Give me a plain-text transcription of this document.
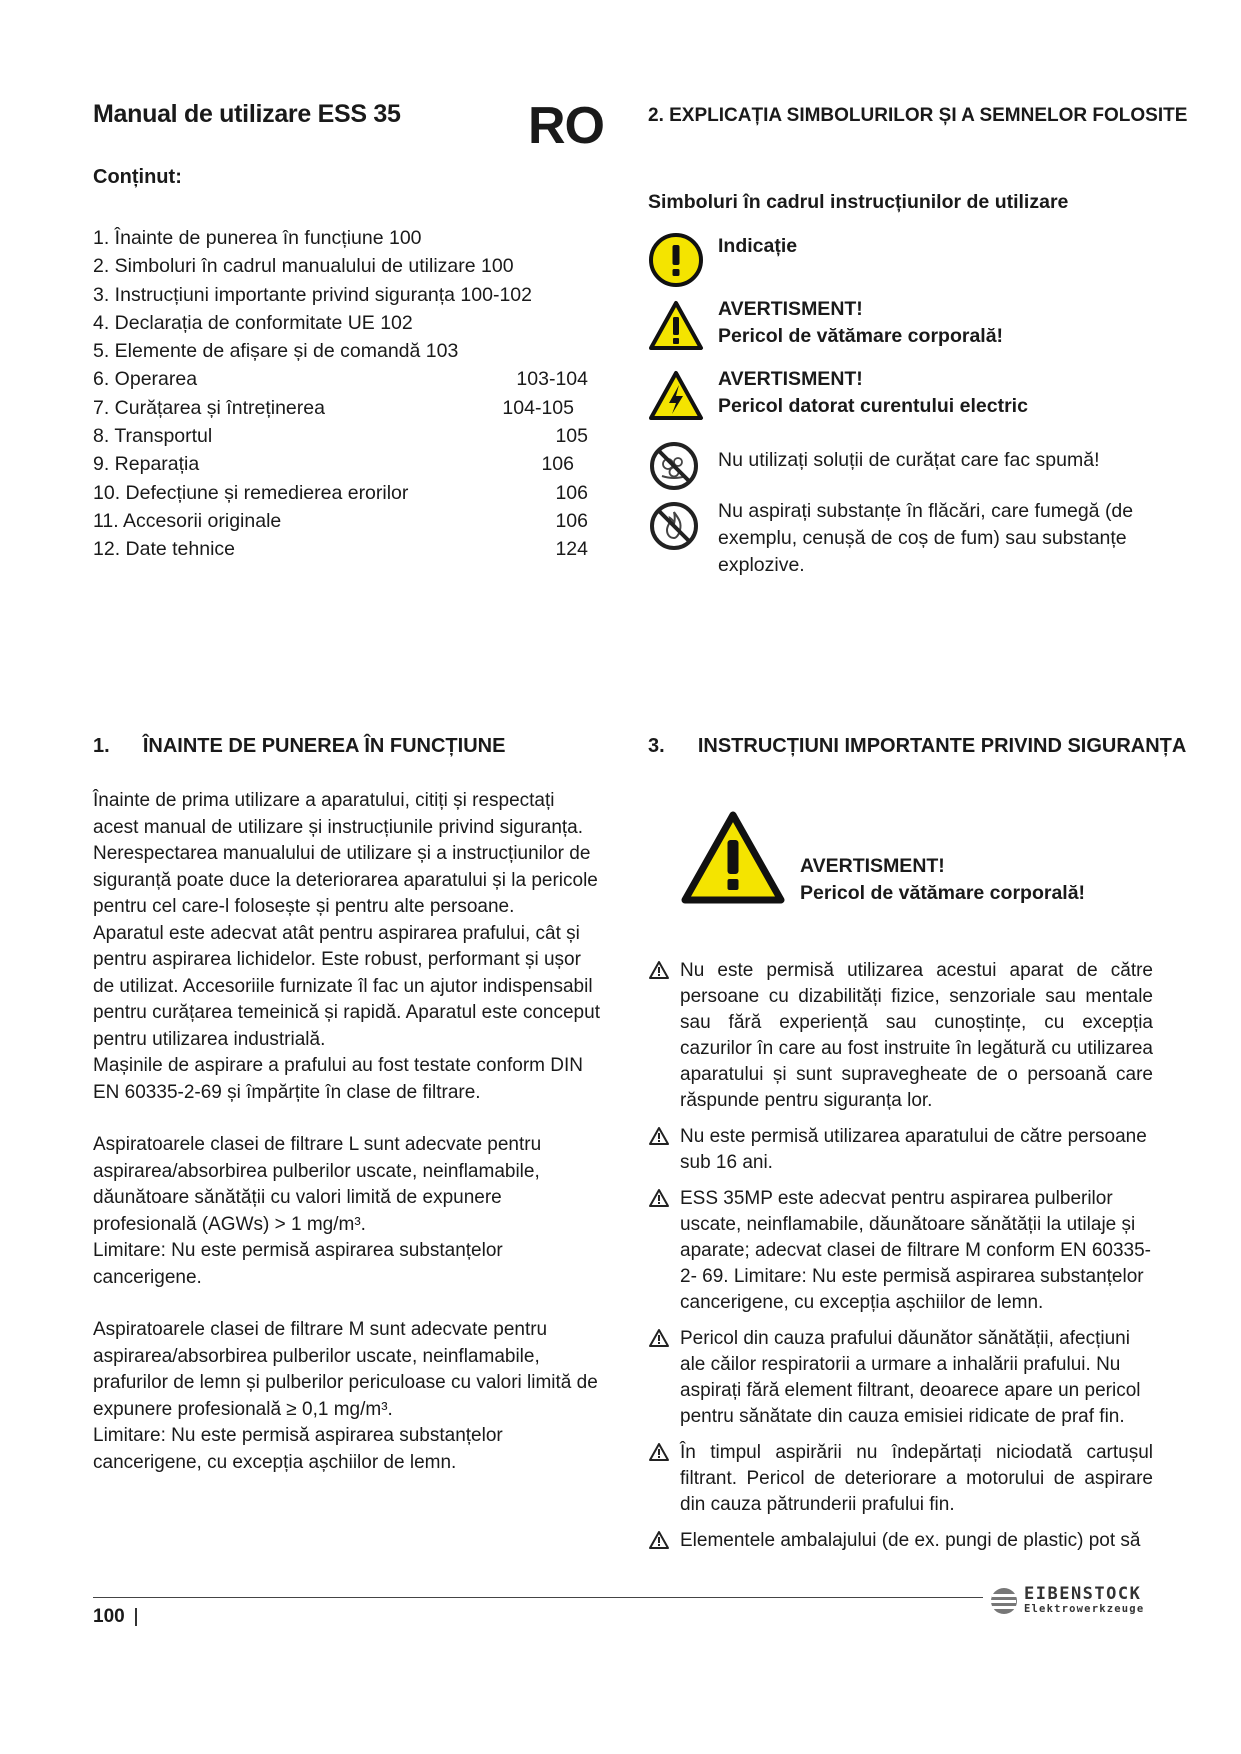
Manual de utilizare ESS 35 RO
Conținut:
1. Înainte de punerea în funcțiune 100
2. Simboluri în cadrul manualului de utilizare 100
3. Instrucțiuni importante privind siguranța 100-102
4. Declarația de conformitate UE 102
5. Elemente de afișare și de comandă 103
6. Operarea	103-104
7. Curățarea și întreținerea	104-105
8. Transportul	105
9. Reparația	106
10. Defecțiune și remedierea erorilor	106
11. Accesorii originale	106
12. Date tehnice	124
2. EXPLICAȚIA SIMBOLURILOR ȘI A SEMNELOR FOLOSITE
Simboluri în cadrul instrucțiunilor de utilizare
Indicație
AVERTISMENT!
Pericol de vătămare corporală!
AVERTISMENT!
Pericol datorat curentului electric
Nu utilizați soluții de curățat care fac spumă!
Nu aspirați substanțe în flăcări, care fumegă (de
exemplu, cenușă de coș de fum) sau substanțe
explozive.
1. ÎNAINTE DE PUNEREA ÎN FUNCȚIUNE

Înainte de prima utilizare a aparatului, citiți și respectați acest manual de utilizare și instrucțiunile privind siguranța. Nerespectarea manualului de utilizare și a instrucțiunilor de siguranță poate duce la deteriorarea aparatului și la pericole pentru cel care-l folosește și pentru alte persoane.

Aparatul este adecvat atât pentru aspirarea prafului, cât și pentru aspirarea lichidelor. Este robust, performant și ușor de utilizat. Accesoriile furnizate îl fac un ajutor indispensabil pentru curățarea temeinică și rapidă. Aparatul este conceput pentru utilizarea industrială.

Mașinile de aspirare a prafului au fost testate conform DIN EN 60335-2-69 și împărțite în clase de filtrare.

Aspiratoarele clasei de filtrare L sunt adecvate pentru aspirarea/absorbirea pulberilor uscate, neinflamabile, dăunătoare sănătății cu valori limită de expunere profesională (AGWs) > 1 mg/m³.

Limitare: Nu este permisă aspirarea substanțelor cancerigene.

Aspiratoarele clasei de filtrare M sunt adecvate pentru aspirarea/absorbirea pulberilor uscate, neinflamabile, prafurilor de lemn și pulberilor periculoase cu valori limită de expunere profesională ≥ 0,1 mg/m³.

Limitare: Nu este permisă aspirarea substanțelor cancerigene, cu excepția așchiilor de lemn.

3. INSTRUCȚIUNI IMPORTANTE PRIVIND SIGURANȚA
AVERTISMENT!
Pericol de vătămare corporală!
Nu este permisă utilizarea acestui aparat de către persoane cu dizabilități fizice, senzoriale sau mentale sau fără experiență sau cunoștințe, cu excepția cazurilor în care au fost instruite în legătură cu utilizarea aparatului și sunt supravegheate de o persoană care răspunde pentru siguranța lor.
Nu este permisă utilizarea aparatului de către persoane sub 16 ani.
ESS 35MP este adecvat pentru aspirarea pulberilor uscate, neinflamabile, dăunătoare sănătății la utilaje și aparate; adecvat clasei de filtrare M conform EN 60335-2- 69. Limitare: Nu este permisă aspirarea substanțelor cancerigene, cu excepția așchiilor de lemn.
Pericol din cauza prafului dăunător sănătății, afecțiuni ale căilor respiratorii a urmare a inhalării prafului. Nu aspirați fără element filtrant, deoarece apare un pericol pentru sănătate din cauza emisiei ridicate de praf fin.
În timpul aspirării nu îndepărtați niciodată cartușul filtrant. Pericol de deteriorare a motorului de aspirare din cauza pătrunderii prafului fin.
Elementele ambalajului (de ex. pungi de plastic) pot să
100
EIBENSTOCK
Elektrowerkzeuge
